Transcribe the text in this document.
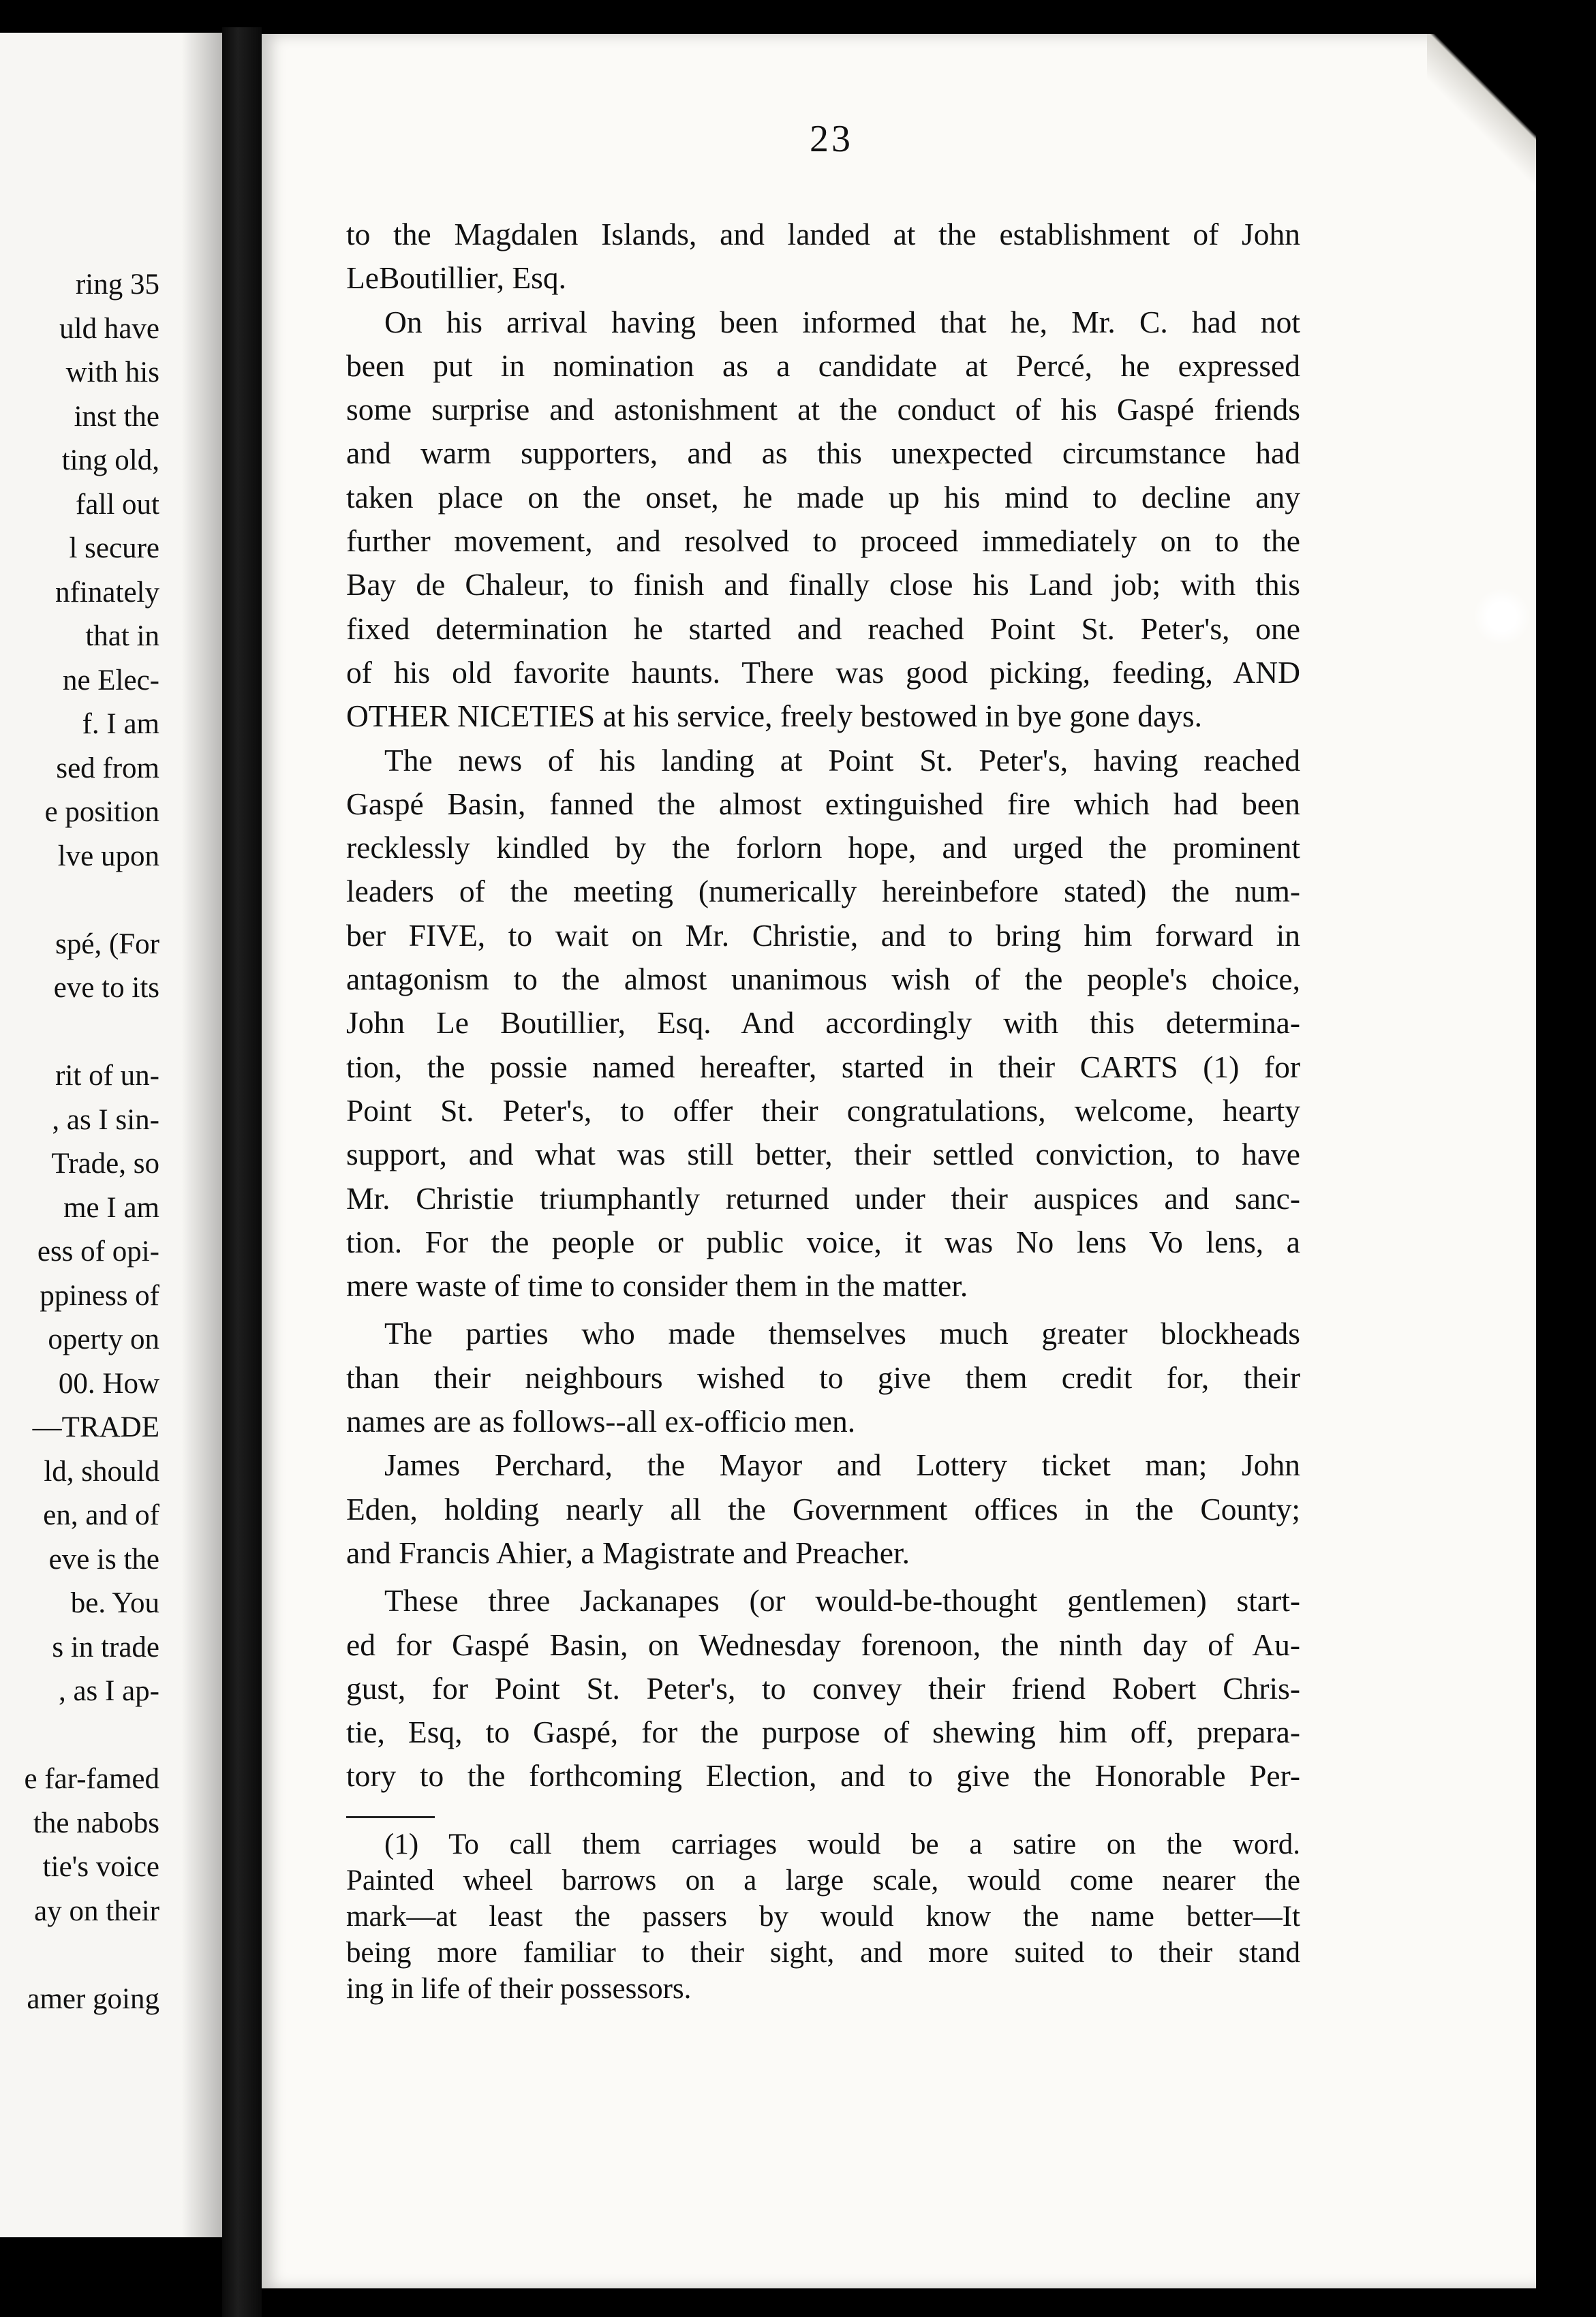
ring 35
uld have
with his
inst the
ting old,
fall out
l secure
nfinately
that in
ne Elec-
f. I am
sed from
e position
lve upon
spé, (For
eve to its
rit of un-
, as I sin-
Trade, so
me I am
ess of opi-
ppiness of
operty on
00. How
—TRADE
ld, should
en, and of
eve is the
be. You
s in trade
, as I ap-
e far-famed
the nabobs
tie's voice
ay on their
amer going
23
to the Magdalen Islands, and landed at the establishment of John
LeBoutillier, Esq.
On his arrival having been informed that he, Mr. C. had not
been put in nomination as a candidate at Percé, he expressed
some surprise and astonishment at the conduct of his Gaspé friends
and warm supporters, and as this unexpected circumstance had
taken place on the onset, he made up his mind to decline any
further movement, and resolved to proceed immediately on to the
Bay de Chaleur, to finish and finally close his Land job; with this
fixed determination he started and reached Point St. Peter's, one
of his old favorite haunts. There was good picking, feeding, AND
OTHER NICETIES at his service, freely bestowed in bye gone days.
The news of his landing at Point St. Peter's, having reached
Gaspé Basin, fanned the almost extinguished fire which had been
recklessly kindled by the forlorn hope, and urged the prominent
leaders of the meeting (numerically hereinbefore stated) the num-
ber FIVE, to wait on Mr. Christie, and to bring him forward in
antagonism to the almost unanimous wish of the people's choice,
John Le Boutillier, Esq. And accordingly with this determina-
tion, the possie named hereafter, started in their CARTS (1) for
Point St. Peter's, to offer their congratulations, welcome, hearty
support, and what was still better, their settled conviction, to have
Mr. Christie triumphantly returned under their auspices and sanc-
tion. For the people or public voice, it was No lens Vo lens, a
mere waste of time to consider them in the matter.
The parties who made themselves much greater blockheads
than their neighbours wished to give them credit for, their
names are as follows--all ex-officio men.
James Perchard, the Mayor and Lottery ticket man; John
Eden, holding nearly all the Government offices in the County;
and Francis Ahier, a Magistrate and Preacher.
These three Jackanapes (or would-be-thought gentlemen) start-
ed for Gaspé Basin, on Wednesday forenoon, the ninth day of Au-
gust, for Point St. Peter's, to convey their friend Robert Chris-
tie, Esq, to Gaspé, for the purpose of shewing him off, prepara-
tory to the forthcoming Election, and to give the Honorable Per-
(1) To call them carriages would be a satire on the word.
Painted wheel barrows on a large scale, would come nearer the
mark—at least the passers by would know the name better—It
being more familiar to their sight, and more suited to their stand
ing in life of their possessors.
